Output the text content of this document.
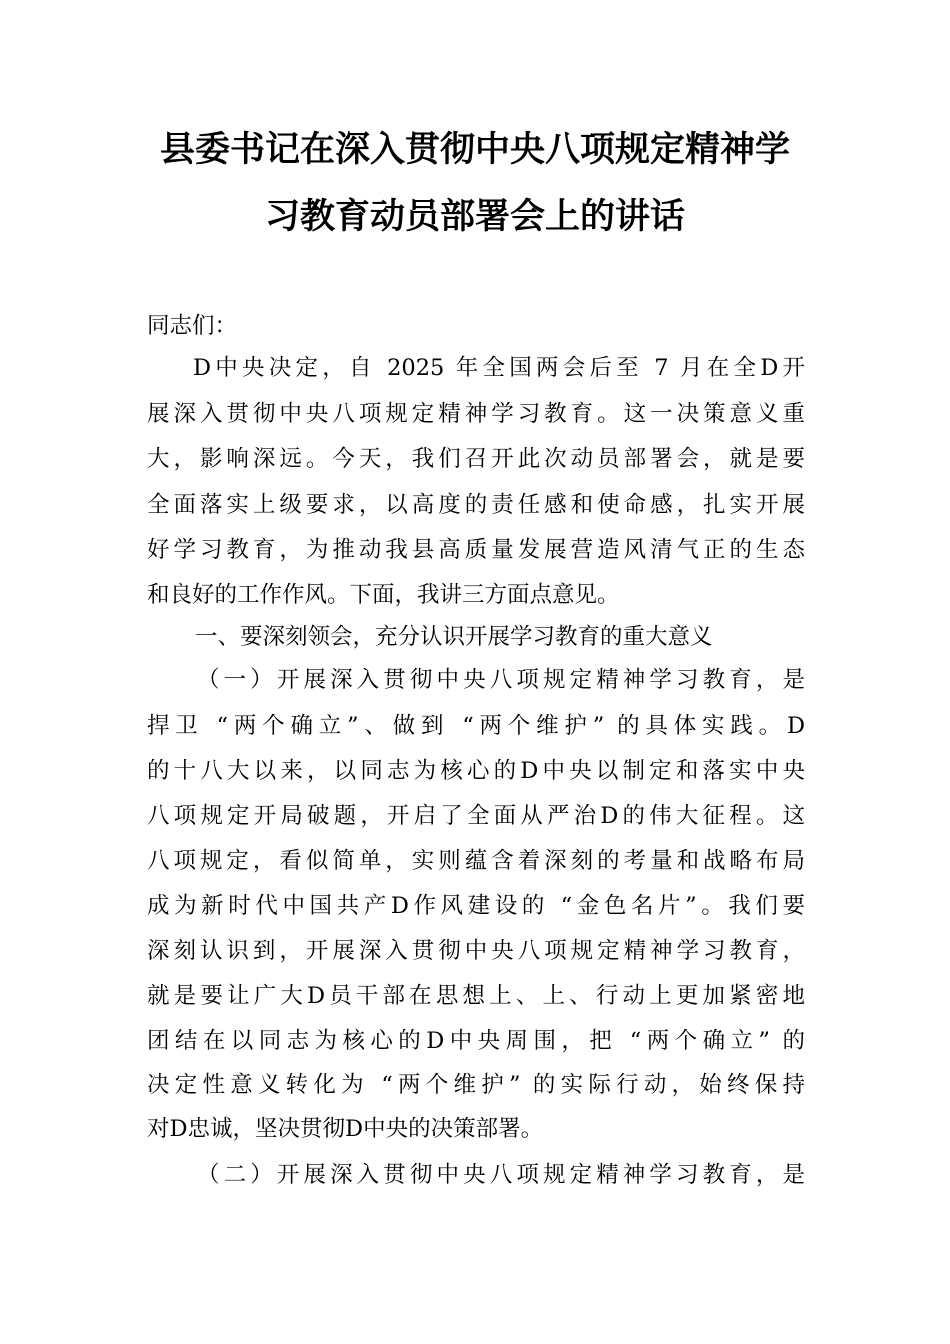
县委书记在深入贯彻中央八项规定精神学
习教育动员部署会上的讲话
同志们：
D中央决定，自 2025 年全国两会后至 7 月在全D开
展深入贯彻中央八项规定精神学习教育。这一决策意义重
大，影响深远。今天，我们召开此次动员部署会，就是要
全面落实上级要求，以高度的责任感和使命感，扎实开展
好学习教育，为推动我县高质量发展营造风清气正的生态
和良好的工作作风。下面，我讲三方面点意见。
一、要深刻领会，充分认识开展学习教育的重大意义
（一）开展深入贯彻中央八项规定精神学习教育，是
捍卫 “两个确立”、做到 “两个维护” 的具体实践。D
的十八大以来，以同志为核心的D中央以制定和落实中央
八项规定开局破题，开启了全面从严治D的伟大征程。这
八项规定，看似简单，实则蕴含着深刻的考量和战略布局
成为新时代中国共产D作风建设的 “金色名片”。我们要
深刻认识到，开展深入贯彻中央八项规定精神学习教育，
就是要让广大D员干部在思想上、上、行动上更加紧密地
团结在以同志为核心的D中央周围，把 “两个确立” 的
决定性意义转化为 “两个维护” 的实际行动，始终保持
对D忠诚，坚决贯彻D中央的决策部署。
（二）开展深入贯彻中央八项规定精神学习教育，是
